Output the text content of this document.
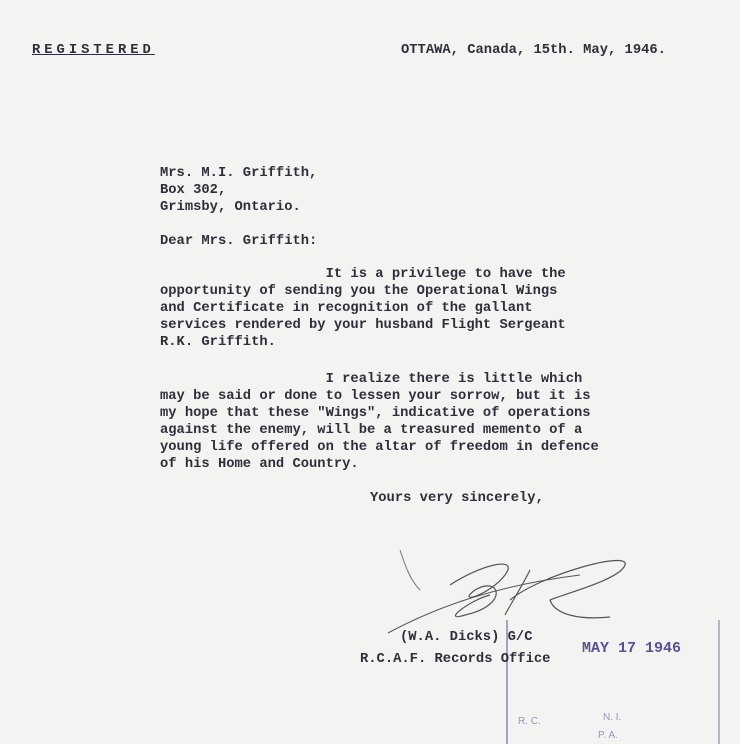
REGISTERED	OTTAWA, Canada, 15th. May, 1946.
Mrs. M.I. Griffith,
Box 302,
Grimsby, Ontario.
Dear Mrs. Griffith:
It is a privilege to have the
opportunity of sending you the Operational Wings
and Certificate in recognition of the gallant
services rendered by your husband Flight Sergeant
R.K. Griffith.
I realize there is little which
may be said or done to lessen your sorrow, but it is
my hope that these "Wings", indicative of operations
against the enemy, will be a treasured memento of a
young life offered on the altar of freedom in defence
of his Home and Country.
Yours very sincerely,
R. C.	N. I.
P. A.
(W.A. Dicks) G/C
R.C.A.F. Records Office
MAY 17 1946
